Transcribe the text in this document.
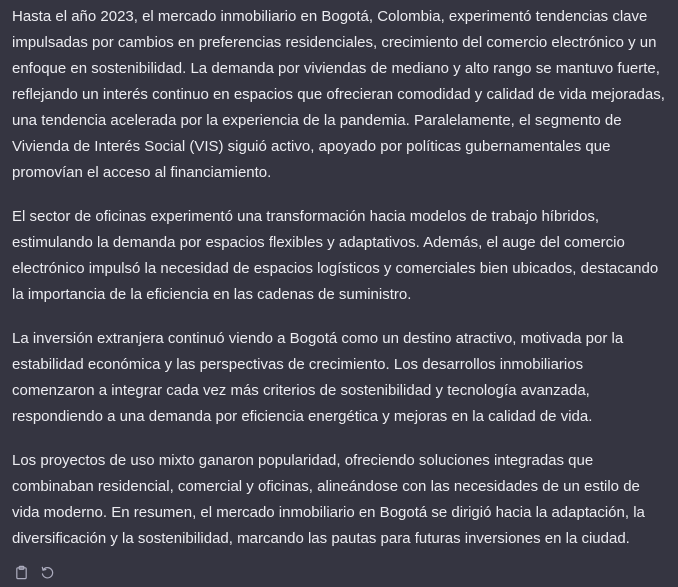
Hasta el año 2023, el mercado inmobiliario en Bogotá, Colombia, experimentó tendencias clave impulsadas por cambios en preferencias residenciales, crecimiento del comercio electrónico y un enfoque en sostenibilidad. La demanda por viviendas de mediano y alto rango se mantuvo fuerte, reflejando un interés continuo en espacios que ofrecieran comodidad y calidad de vida mejoradas, una tendencia acelerada por la experiencia de la pandemia. Paralelamente, el segmento de Vivienda de Interés Social (VIS) siguió activo, apoyado por políticas gubernamentales que promovían el acceso al financiamiento.

El sector de oficinas experimentó una transformación hacia modelos de trabajo híbridos, estimulando la demanda por espacios flexibles y adaptativos. Además, el auge del comercio electrónico impulsó la necesidad de espacios logísticos y comerciales bien ubicados, destacando la importancia de la eficiencia en las cadenas de suministro.

La inversión extranjera continuó viendo a Bogotá como un destino atractivo, motivada por la estabilidad económica y las perspectivas de crecimiento. Los desarrollos inmobiliarios comenzaron a integrar cada vez más criterios de sostenibilidad y tecnología avanzada, respondiendo a una demanda por eficiencia energética y mejoras en la calidad de vida.

Los proyectos de uso mixto ganaron popularidad, ofreciendo soluciones integradas que combinaban residencial, comercial y oficinas, alineándose con las necesidades de un estilo de vida moderno. En resumen, el mercado inmobiliario en Bogotá se dirigió hacia la adaptación, la diversificación y la sostenibilidad, marcando las pautas para futuras inversiones en la ciudad.
